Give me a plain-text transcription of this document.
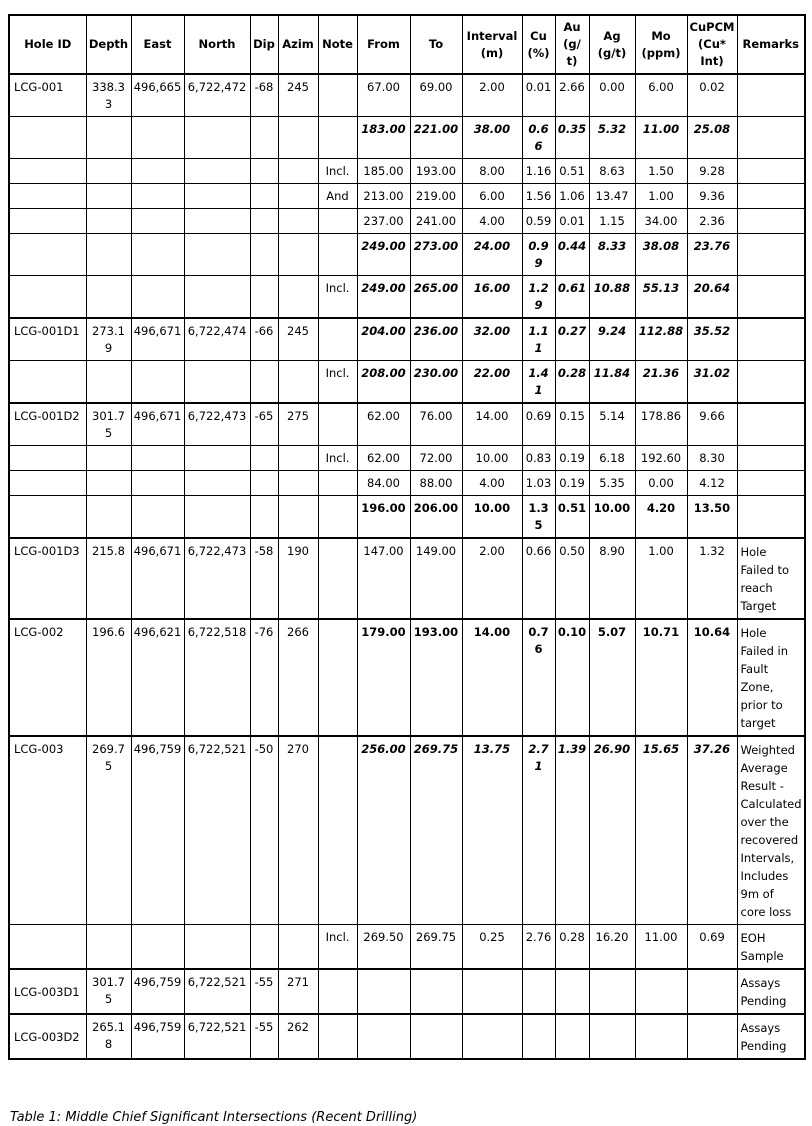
Hole ID	Depth	East	North	Dip	Azim	Note	From	To	Interval (m)	Cu (%)	Au (g/ t)	Ag (g/t)	Mo (ppm)	CuPCM (Cu* Int)	Remarks
LCG-001	338.33	496,665	6,722,472	-68	245		67.00	69.00	2.00	0.01	2.66	0.00	6.00	0.02	
							183.00	221.00	38.00	0.66	0.35	5.32	11.00	25.08	
						Incl.	185.00	193.00	8.00	1.16	0.51	8.63	1.50	9.28	
						And	213.00	219.00	6.00	1.56	1.06	13.47	1.00	9.36	
							237.00	241.00	4.00	0.59	0.01	1.15	34.00	2.36	
							249.00	273.00	24.00	0.99	0.44	8.33	38.08	23.76	
						Incl.	249.00	265.00	16.00	1.29	0.61	10.88	55.13	20.64	
LCG-001D1	273.19	496,671	6,722,474	-66	245		204.00	236.00	32.00	1.11	0.27	9.24	112.88	35.52	
						Incl.	208.00	230.00	22.00	1.41	0.28	11.84	21.36	31.02	
LCG-001D2	301.75	496,671	6,722,473	-65	275		62.00	76.00	14.00	0.69	0.15	5.14	178.86	9.66	
						Incl.	62.00	72.00	10.00	0.83	0.19	6.18	192.60	8.30	
							84.00	88.00	4.00	1.03	0.19	5.35	0.00	4.12	
							196.00	206.00	10.00	1.35	0.51	10.00	4.20	13.50	
LCG-001D3	215.8	496,671	6,722,473	-58	190		147.00	149.00	2.00	0.66	0.50	8.90	1.00	1.32	Hole Failed to reach Target
LCG-002	196.6	496,621	6,722,518	-76	266		179.00	193.00	14.00	0.76	0.10	5.07	10.71	10.64	Hole Failed in Fault Zone, prior to target
LCG-003	269.75	496,759	6,722,521	-50	270		256.00	269.75	13.75	2.71	1.39	26.90	15.65	37.26	Weighted Average Result - Calculated over the recovered Intervals, Includes 9m of core loss
						Incl.	269.50	269.75	0.25	2.76	0.28	16.20	11.00	0.69	EOH Sample
LCG-003D1	301.75	496,759	6,722,521	-55	271										Assays Pending
LCG-003D2	265.18	496,759	6,722,521	-55	262										Assays Pending
Table 1: Middle Chief Significant Intersections (Recent Drilling)
